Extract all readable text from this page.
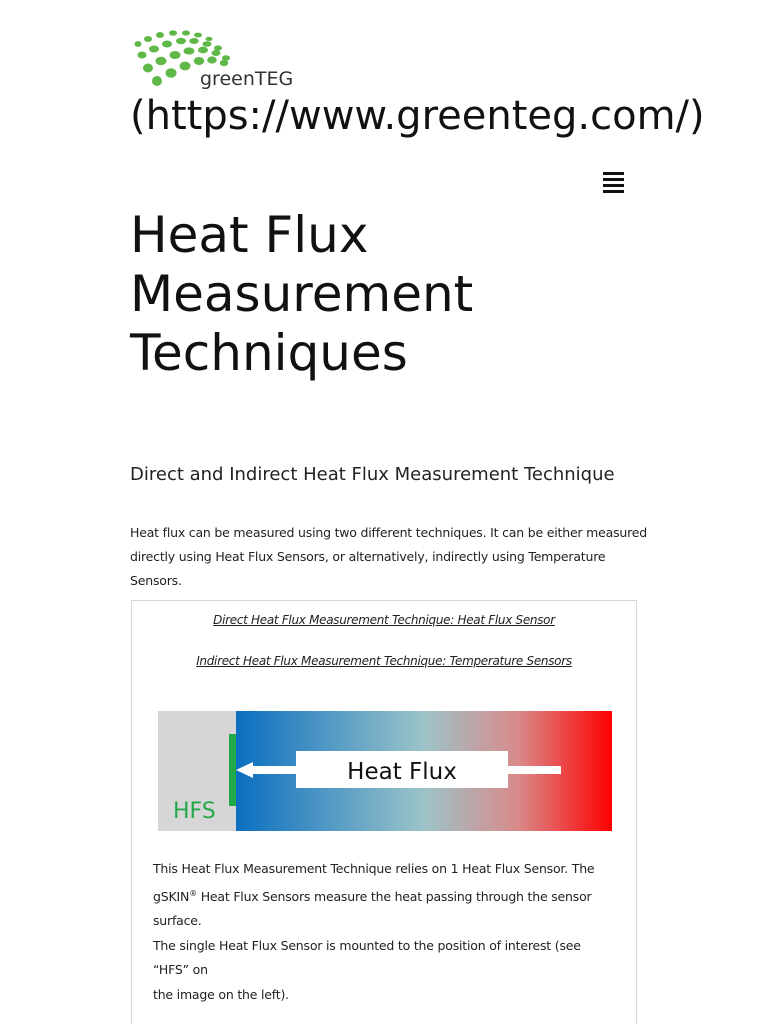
greenTEG
(https://www.greenteg.com/)
Heat Flux
Measurement
Techniques
Direct and Indirect Heat Flux Measurement Technique

Heat flux can be measured using two different techniques. It can be either measured
directly using Heat Flux Sensors, or alternatively, indirectly using Temperature Sensors.

Direct Heat Flux Measurement Technique: Heat Flux Sensor
Indirect Heat Flux Measurement Technique: Temperature Sensors
Heat Flux
HFS

This Heat Flux Measurement Technique relies on 1 Heat Flux Sensor. The
gSKIN® Heat Flux Sensors measure the heat passing through the sensor surface.
The single Heat Flux Sensor is mounted to the position of interest (see “HFS” on
the image on the left).
